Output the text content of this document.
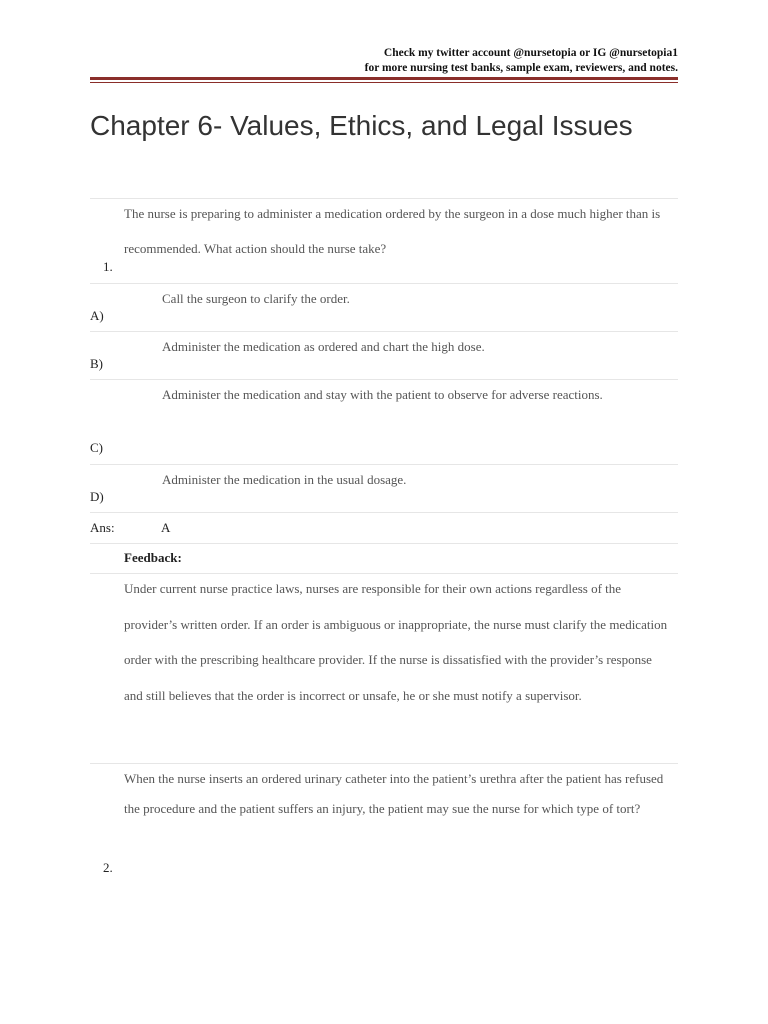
Check my twitter account @nursetopia or IG @nursetopia1
for more nursing test banks, sample exam, reviewers, and notes.
Chapter 6- Values, Ethics, and Legal Issues
The nurse is preparing to administer a medication ordered by the surgeon in a dose much higher than is recommended. What action should the nurse take?
1.
Call the surgeon to clarify the order.
A)
Administer the medication as ordered and chart the high dose.
B)
Administer the medication and stay with the patient to observe for adverse reactions.
C)
Administer the medication in the usual dosage.
D)
Ans:	A
Feedback:
Under current nurse practice laws, nurses are responsible for their own actions regardless of the provider’s written order. If an order is ambiguous or inappropriate, the nurse must clarify the medication order with the prescribing healthcare provider. If the nurse is dissatisfied with the provider’s response and still believes that the order is incorrect or unsafe, he or she must notify a supervisor.
When the nurse inserts an ordered urinary catheter into the patient’s urethra after the patient has refused the procedure and the patient suffers an injury, the patient may sue the nurse for which type of tort?
2.
